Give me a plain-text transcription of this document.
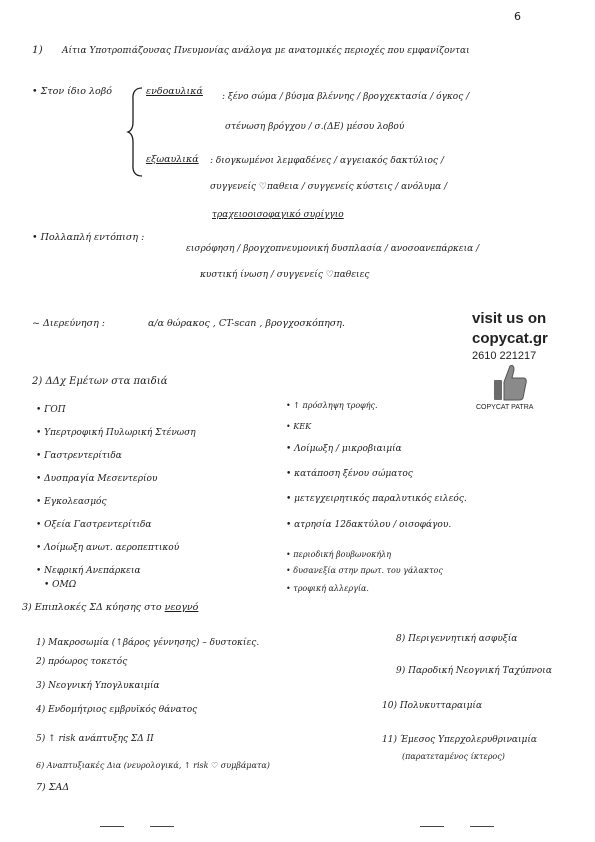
6
1) Αίτια Υποτροπιάζουσας Πνευμονίας ανάλογα με ανατομικές περιοχές που εμφανίζονται
• Στον ίδιο λοβό	ενδοαυλικά : ξένο σώμα / βύσμα βλέννης / βρογχεκτασία / όγκος /
στένωση βρόγχου / σ.(ΔΕ) μέσου λοβού
εξωαυλικά : διογκωμένοι λεμφαδένες / αγγειακός δακτύλιος /
συγγενείς ♡παθεια / συγγενείς κύστεις / ανόλυμα /
τραχειοοισοφαγικό συρίγγιο
• Πολλαπλή εντόπιση :
εισρόφηση / βρογχοπνευμονική δυσπλασία / ανοσοανεπάρκεια /
κυστική ίνωση / συγγενείς ♡παθειες
~ Διερεύνηση :	α/α θώρακος , CT-scan , βρογχοσκόπηση.	visit us on
copycat.gr
2610 221217
COPYCAT PATRA
2) ΔΔχ Εμέτων στα παιδιά
• ΓΟΠ
• Υπερτροφική Πυλωρική Στένωση
• Γαστρεντερίτιδα
• Δυσπραγία Μεσεντερίου
• Εγκολεασμός
• Οξεία Γαστρεντερίτιδα
• Λοίμωξη ανωτ. αεροπεπτικού
• Νεφρική Ανεπάρκεια
• ΟΜΩ
• ↑ πρόσληψη τροφής.
• ΚΕΚ
• Λοίμωξη / μικροβιαιμία
• κατάποση ξένου σώματος
• μετεγχειρητικός παραλυτικός ειλεός.
• ατρησία 12δακτύλου / οισοφάγου.
• περιοδική βουβωνοκήλη
• δυσανεξία στην πρωτ. του γάλακτος
• τροφική αλλεργία.
3) Επιπλοκές ΣΔ κύησης στο νεογνό
1) Μακροσωμία (↑βάρος γέννησης) – δυστοκίες.
2) πρόωρος τοκετός
3) Νεογνική Υπογλυκαιμία
4) Ενδομήτριος εμβρυϊκός θάνατος
5) ↑ risk ανάπτυξης ΣΔ ΙΙ
6) Αναπτυξιακές Δια (νευρολογικά, ↑ risk ♡ συμβάματα)
7) ΣΑΔ
8) Περιγεννητική ασφυξία
9) Παροδική Νεογνική Ταχύπνοια
10) Πολυκυτταραιμία
11) Έμεσος Υπερχολερυθριναιμία
(παρατεταμένος ίκτερος)
